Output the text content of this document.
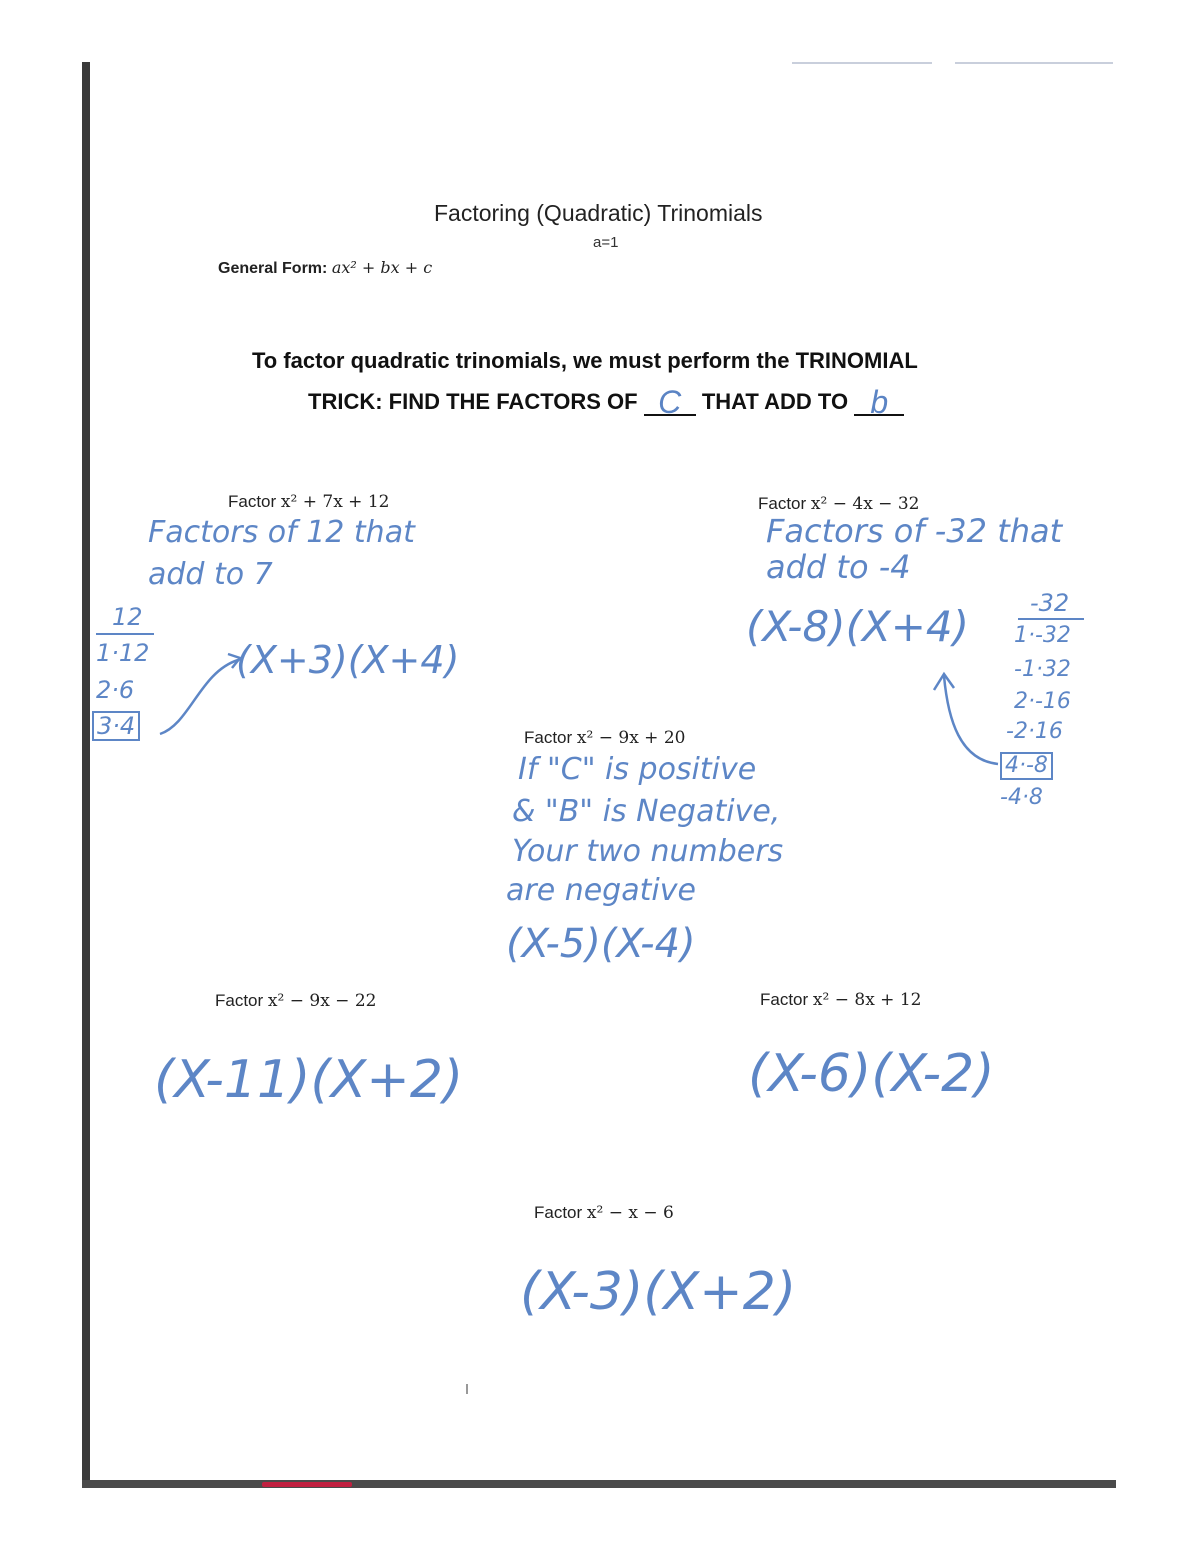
Factoring (Quadratic) Trinomials
a=1
General Form: ax² + bx + c
To factor quadratic trinomials, we must perform the TRINOMIAL
TRICK: FIND THE FACTORS OF C THAT ADD TO b
Factor x² + 7x + 12	Factor x² − 4x − 32
Factor x² − 9x + 20
Factor x² − 9x − 22	Factor x² − 8x + 12
Factor x² − x − 6
Factors of 12 that
add to 7
12
1·12
2·6
3·4
(X+3)(X+4)
Factors of -32 that
add to -4
(X-8)(X+4)	-32
1·-32
-1·32
2·-16
-2·16
4·-8
-4·8
If "C" is positive
& "B" is Negative,
Your two numbers
are negative
(X-5)(X-4)
(X-11)(X+2)	(X-6)(X-2)
(X-3)(X+2)
